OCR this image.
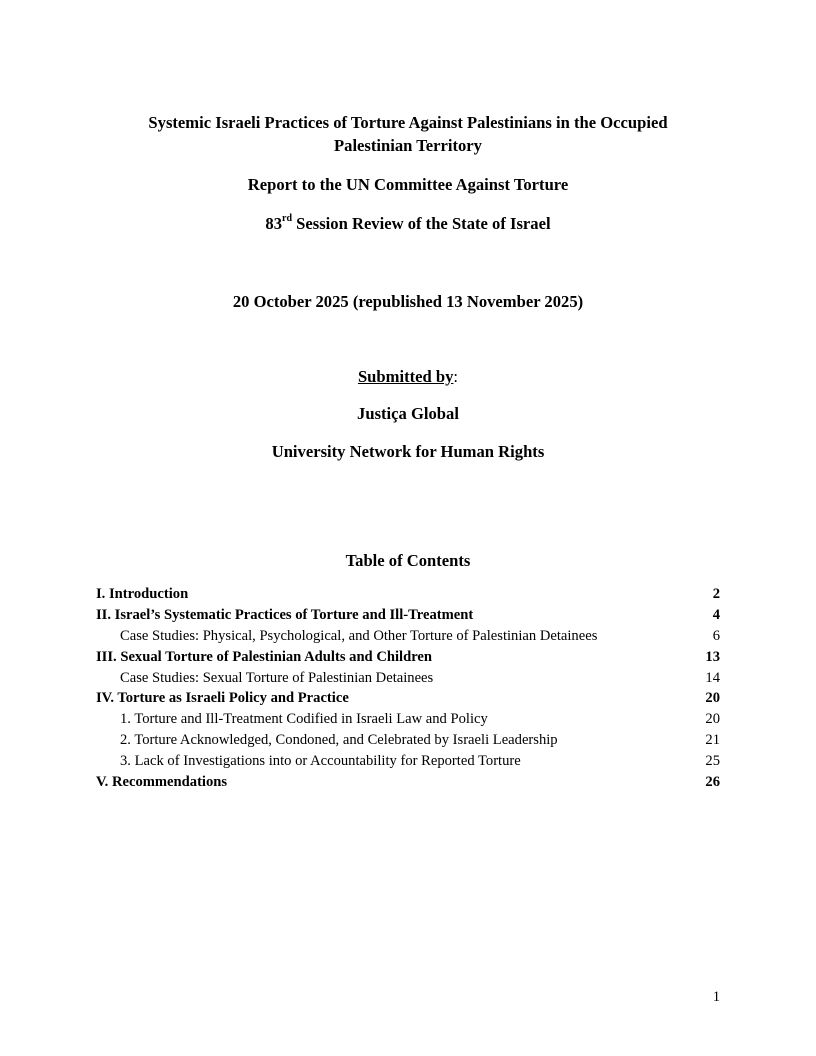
Systemic Israeli Practices of Torture Against Palestinians in the Occupied
Palestinian Territory

Report to the UN Committee Against Torture

83rd Session Review of the State of Israel

20 October 2025 (republished 13 November 2025)

Submitted by:

Justiça Global

University Network for Human Rights

Table of Contents
I. Introduction	2
II. Israel’s Systematic Practices of Torture and Ill-Treatment	4
Case Studies: Physical, Psychological, and Other Torture of Palestinian Detainees	6
III. Sexual Torture of Palestinian Adults and Children	13
Case Studies: Sexual Torture of Palestinian Detainees	14
IV. Torture as Israeli Policy and Practice	20
1. Torture and Ill-Treatment Codified in Israeli Law and Policy	20
2. Torture Acknowledged, Condoned, and Celebrated by Israeli Leadership	21
3. Lack of Investigations into or Accountability for Reported Torture	25
V. Recommendations	26
1
